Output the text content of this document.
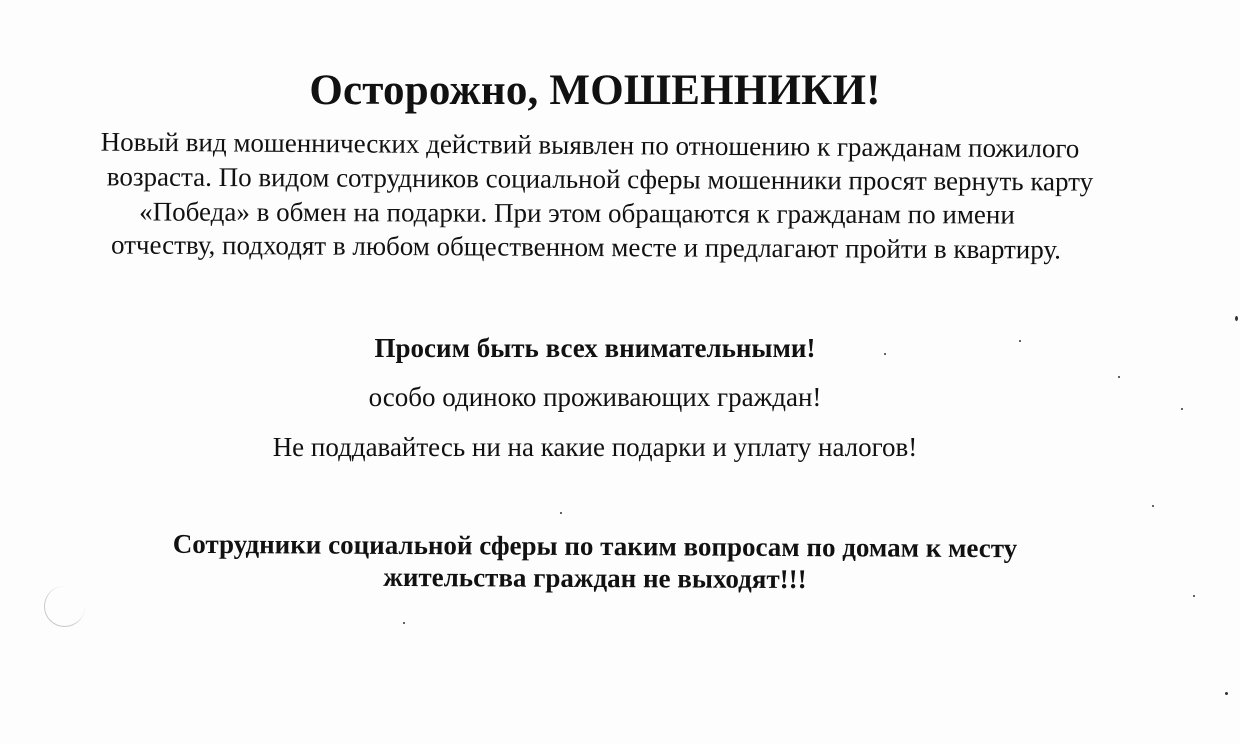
Осторожно, МОШЕННИКИ!

Новый вид мошеннических действий выявлен по отношению к гражданам пожилого
возраста. По видом сотрудников социальной сферы мошенники просят вернуть карту
«Победа» в обмен на подарки. При этом обращаются к гражданам по имени
отчеству, подходят в любом общественном месте и предлагают пройти в квартиру.

Просим быть всех внимательными!

особо одиноко проживающих граждан!

Не поддавайтесь ни на какие подарки и уплату налогов!

Сотрудники социальной сферы по таким вопросам по домам к месту
жительства граждан не выходят!!!
